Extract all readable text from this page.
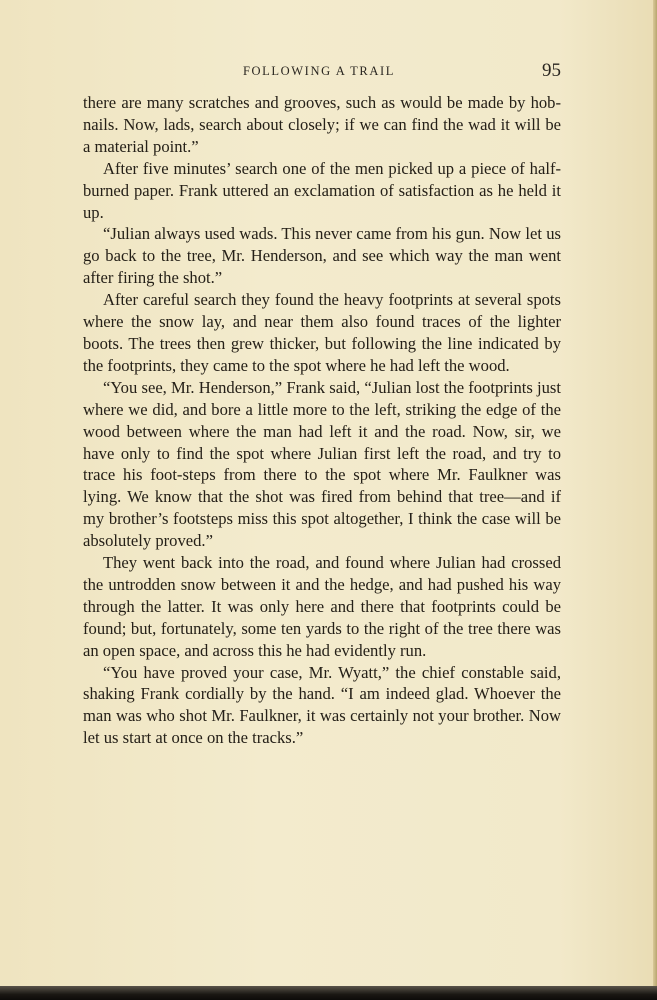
FOLLOWING A TRAIL	95

there are many scratches and grooves, such as would be made by hob-nails. Now, lads, search about closely; if we can find the wad it will be a material point.”

After five minutes’ search one of the men picked up a piece of half-burned paper. Frank uttered an exclamation of satisfaction as he held it up.

“Julian always used wads. This never came from his gun. Now let us go back to the tree, Mr. Henderson, and see which way the man went after firing the shot.”

After careful search they found the heavy footprints at several spots where the snow lay, and near them also found traces of the lighter boots. The trees then grew thicker, but following the line indicated by the footprints, they came to the spot where he had left the wood.

“You see, Mr. Henderson,” Frank said, “Julian lost the footprints just where we did, and bore a little more to the left, striking the edge of the wood between where the man had left it and the road. Now, sir, we have only to find the spot where Julian first left the road, and try to trace his foot-steps from there to the spot where Mr. Faulkner was lying. We know that the shot was fired from behind that tree—and if my brother’s footsteps miss this spot altogether, I think the case will be absolutely proved.”

They went back into the road, and found where Julian had crossed the untrodden snow between it and the hedge, and had pushed his way through the latter. It was only here and there that footprints could be found; but, fortunately, some ten yards to the right of the tree there was an open space, and across this he had evidently run.

“You have proved your case, Mr. Wyatt,” the chief constable said, shaking Frank cordially by the hand. “I am indeed glad. Whoever the man was who shot Mr. Faulkner, it was certainly not your brother. Now let us start at once on the tracks.”
